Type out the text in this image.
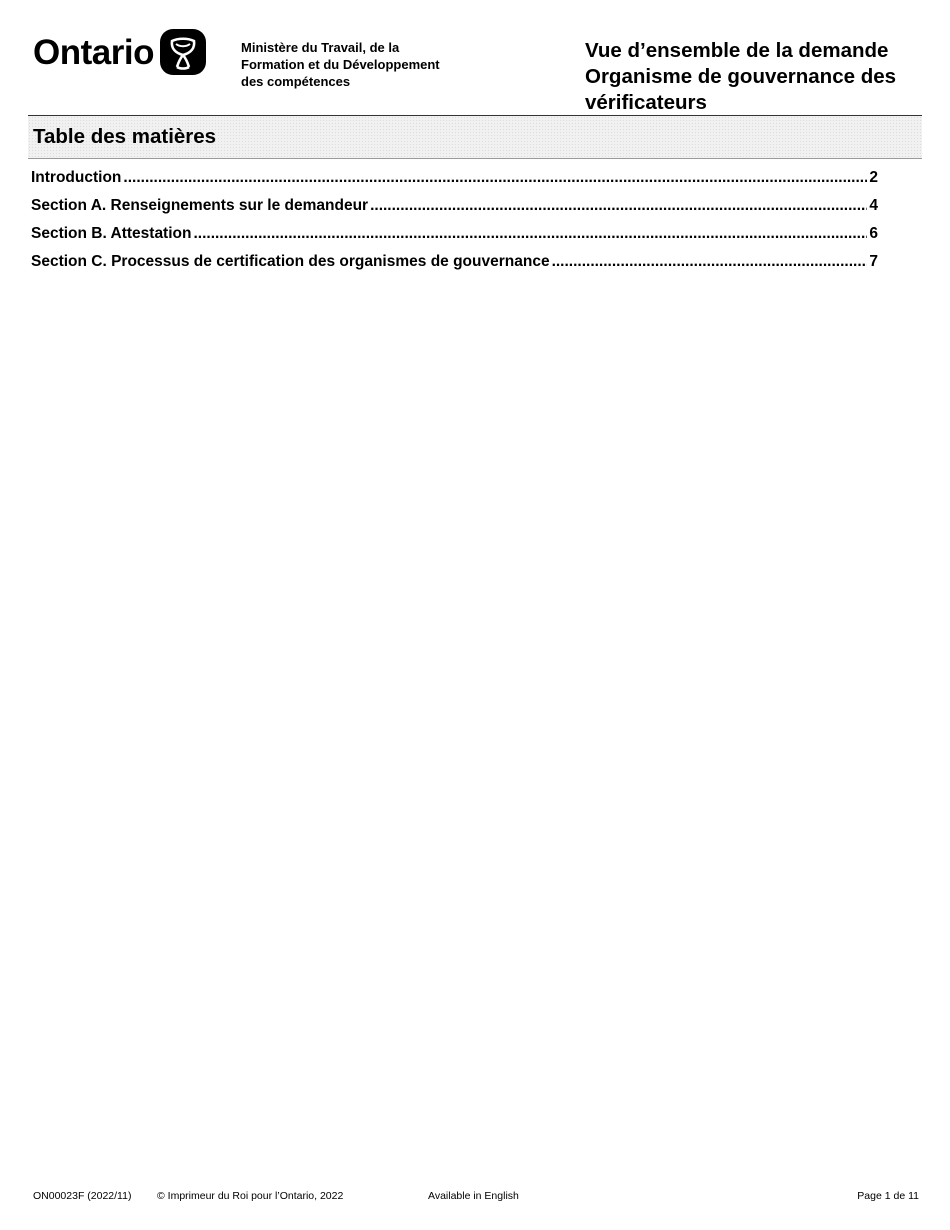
Ontario	Ministère du Travail, de la
Formation et du Développement
des compétences
Vue d’ensemble de la demande
Organisme de gouvernance des
vérificateurs
Table des matières
Introduction .....	2
Section A. Renseignements sur le demandeur .....	4
Section B. Attestation .....	6
Section C. Processus de certification des organismes de gouvernance .....	7
ON00023F (2022/11) © Imprimeur du Roi pour l’Ontario, 2022	Available in English	Page 1 de 11
